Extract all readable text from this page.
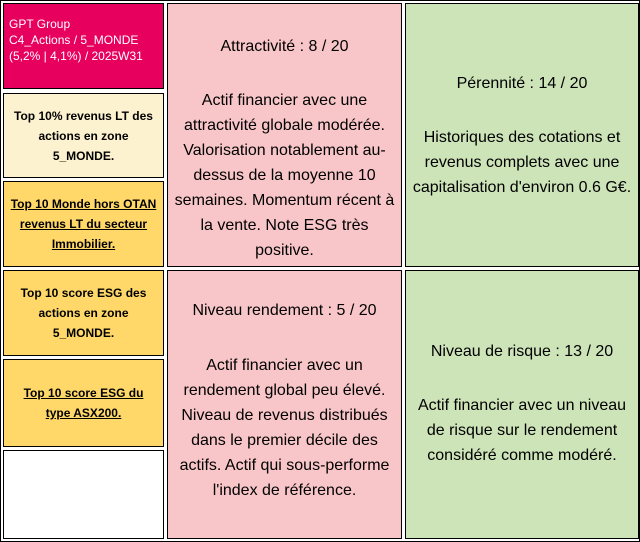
GPT Group
C4_Actions / 5_MONDE
(5,2% | 4,1%) / 2025W31
Top 10% revenus LT des actions en zone 5_MONDE.
Top 10 Monde hors OTAN revenus LT du secteur Immobilier.
Top 10 score ESG des actions en zone 5_MONDE.
Top 10 score ESG du type ASX200.
Attractivité : 8 / 20
Actif financier avec une attractivité globale modérée. Valorisation notablement au-dessus de la moyenne 10 semaines. Momentum récent à la vente. Note ESG très positive.
Pérennité : 14 / 20
Historiques des cotations et revenus complets avec une capitalisation d'environ 0.6 G€.
Niveau rendement : 5 / 20
Actif financier avec un rendement global peu élevé. Niveau de revenus distribués dans le premier décile des actifs. Actif qui sous-performe l'index de référence.
Niveau de risque : 13 / 20
Actif financier avec un niveau de risque sur le rendement considéré comme modéré.
